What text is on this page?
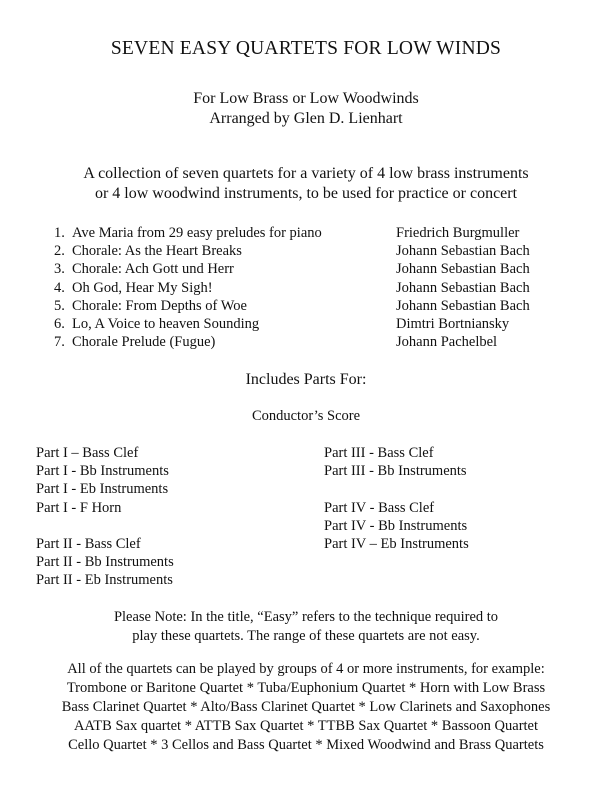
SEVEN EASY QUARTETS FOR LOW WINDS
For Low Brass or Low Woodwinds
Arranged by Glen D. Lienhart
A collection of seven quartets for a variety of 4 low brass instruments
or 4 low woodwind instruments, to be used for practice or concert
1. Ave Maria from 29 easy preludes for piano	Friedrich Burgmuller
2. Chorale: As the Heart Breaks	Johann Sebastian Bach
3. Chorale: Ach Gott und Herr	Johann Sebastian Bach
4. Oh God, Hear My Sigh!	Johann Sebastian Bach
5. Chorale: From Depths of Woe	Johann Sebastian Bach
6. Lo, A Voice to heaven Sounding	Dimtri Bortniansky
7. Chorale Prelude (Fugue)	Johann Pachelbel
Includes Parts For:
Conductor’s Score
Part I – Bass Clef
Part I - Bb Instruments
Part I - Eb Instruments
Part I - F Horn
Part II - Bass Clef
Part II - Bb Instruments
Part II - Eb Instruments
Part III - Bass Clef
Part III - Bb Instruments
Part IV - Bass Clef
Part IV - Bb Instruments
Part IV – Eb Instruments
Please Note: In the title, “Easy” refers to the technique required to
play these quartets. The range of these quartets are not easy.
All of the quartets can be played by groups of 4 or more instruments, for example:
Trombone or Baritone Quartet * Tuba/Euphonium Quartet * Horn with Low Brass
Bass Clarinet Quartet * Alto/Bass Clarinet Quartet * Low Clarinets and Saxophones
AATB Sax quartet * ATTB Sax Quartet * TTBB Sax Quartet * Bassoon Quartet
Cello Quartet * 3 Cellos and Bass Quartet * Mixed Woodwind and Brass Quartets
